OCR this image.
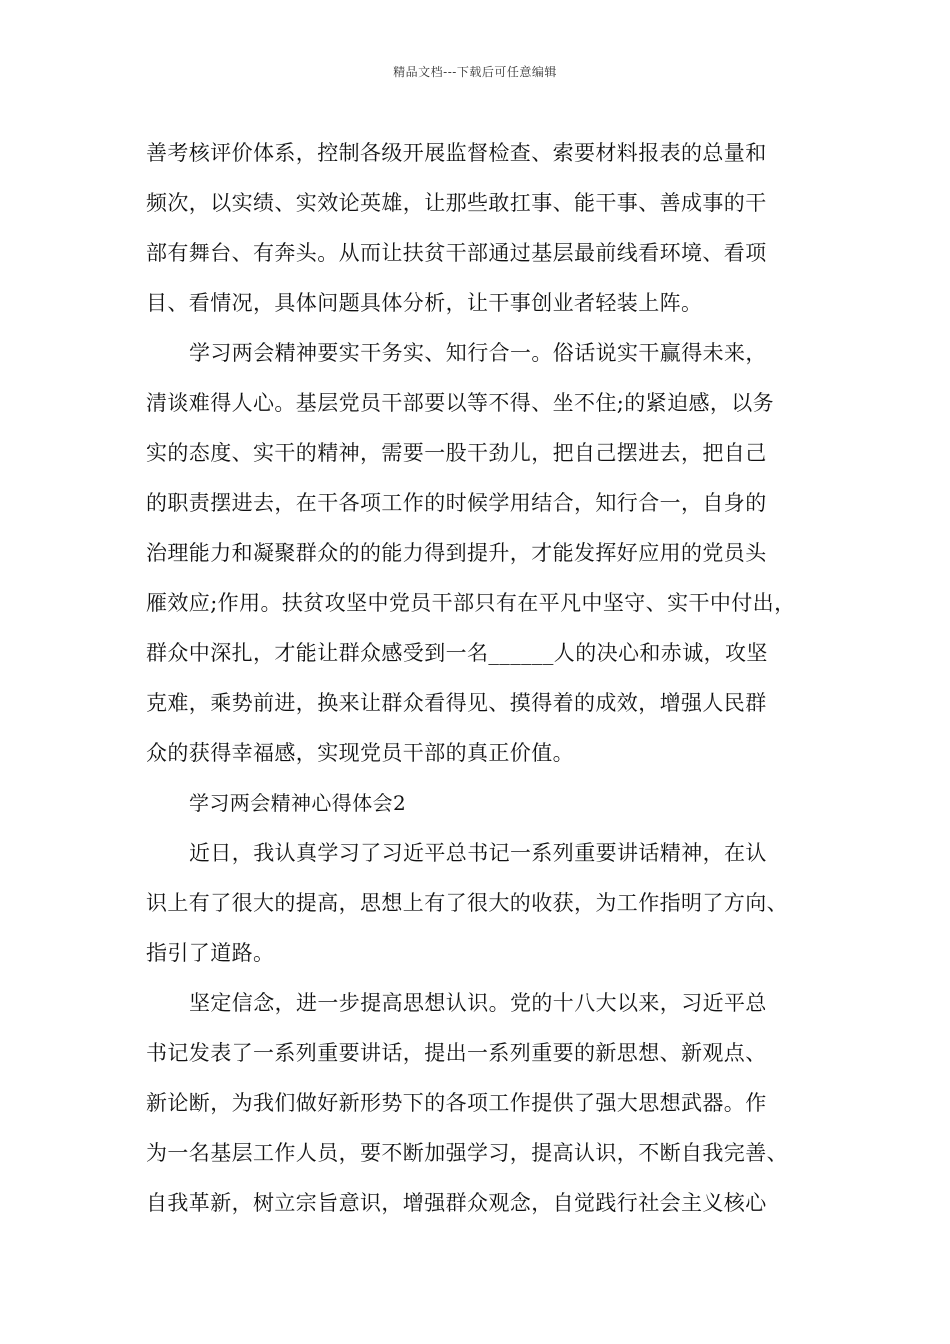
精品文档---下载后可任意编辑
善考核评价体系，控制各级开展监督检查、索要材料报表的总量和
频次，以实绩、实效论英雄，让那些敢扛事、能干事、善成事的干
部有舞台、有奔头。从而让扶贫干部通过基层最前线看环境、看项
目、看情况，具体问题具体分析，让干事创业者轻装上阵。
学习两会精神要实干务实、知行合一。俗话说实干赢得未来，
清谈难得人心。基层党员干部要以等不得、坐不住;的紧迫感，以务
实的态度、实干的精神，需要一股干劲儿，把自己摆进去，把自己
的职责摆进去，在干各项工作的时候学用结合，知行合一，自身的
治理能力和凝聚群众的的能力得到提升，才能发挥好应用的党员头
雁效应;作用。扶贫攻坚中党员干部只有在平凡中坚守、实干中付出，
群众中深扎，才能让群众感受到一名______人的决心和赤诚，攻坚
克难，乘势前进，换来让群众看得见、摸得着的成效，增强人民群
众的获得幸福感，实现党员干部的真正价值。
学习两会精神心得体会2
近日，我认真学习了习近平总书记一系列重要讲话精神，在认
识上有了很大的提高，思想上有了很大的收获，为工作指明了方向、
指引了道路。
坚定信念，进一步提高思想认识。党的十八大以来，习近平总
书记发表了一系列重要讲话，提出一系列重要的新思想、新观点、
新论断，为我们做好新形势下的各项工作提供了强大思想武器。作
为一名基层工作人员，要不断加强学习，提高认识，不断自我完善、
自我革新，树立宗旨意识，增强群众观念，自觉践行社会主义核心
